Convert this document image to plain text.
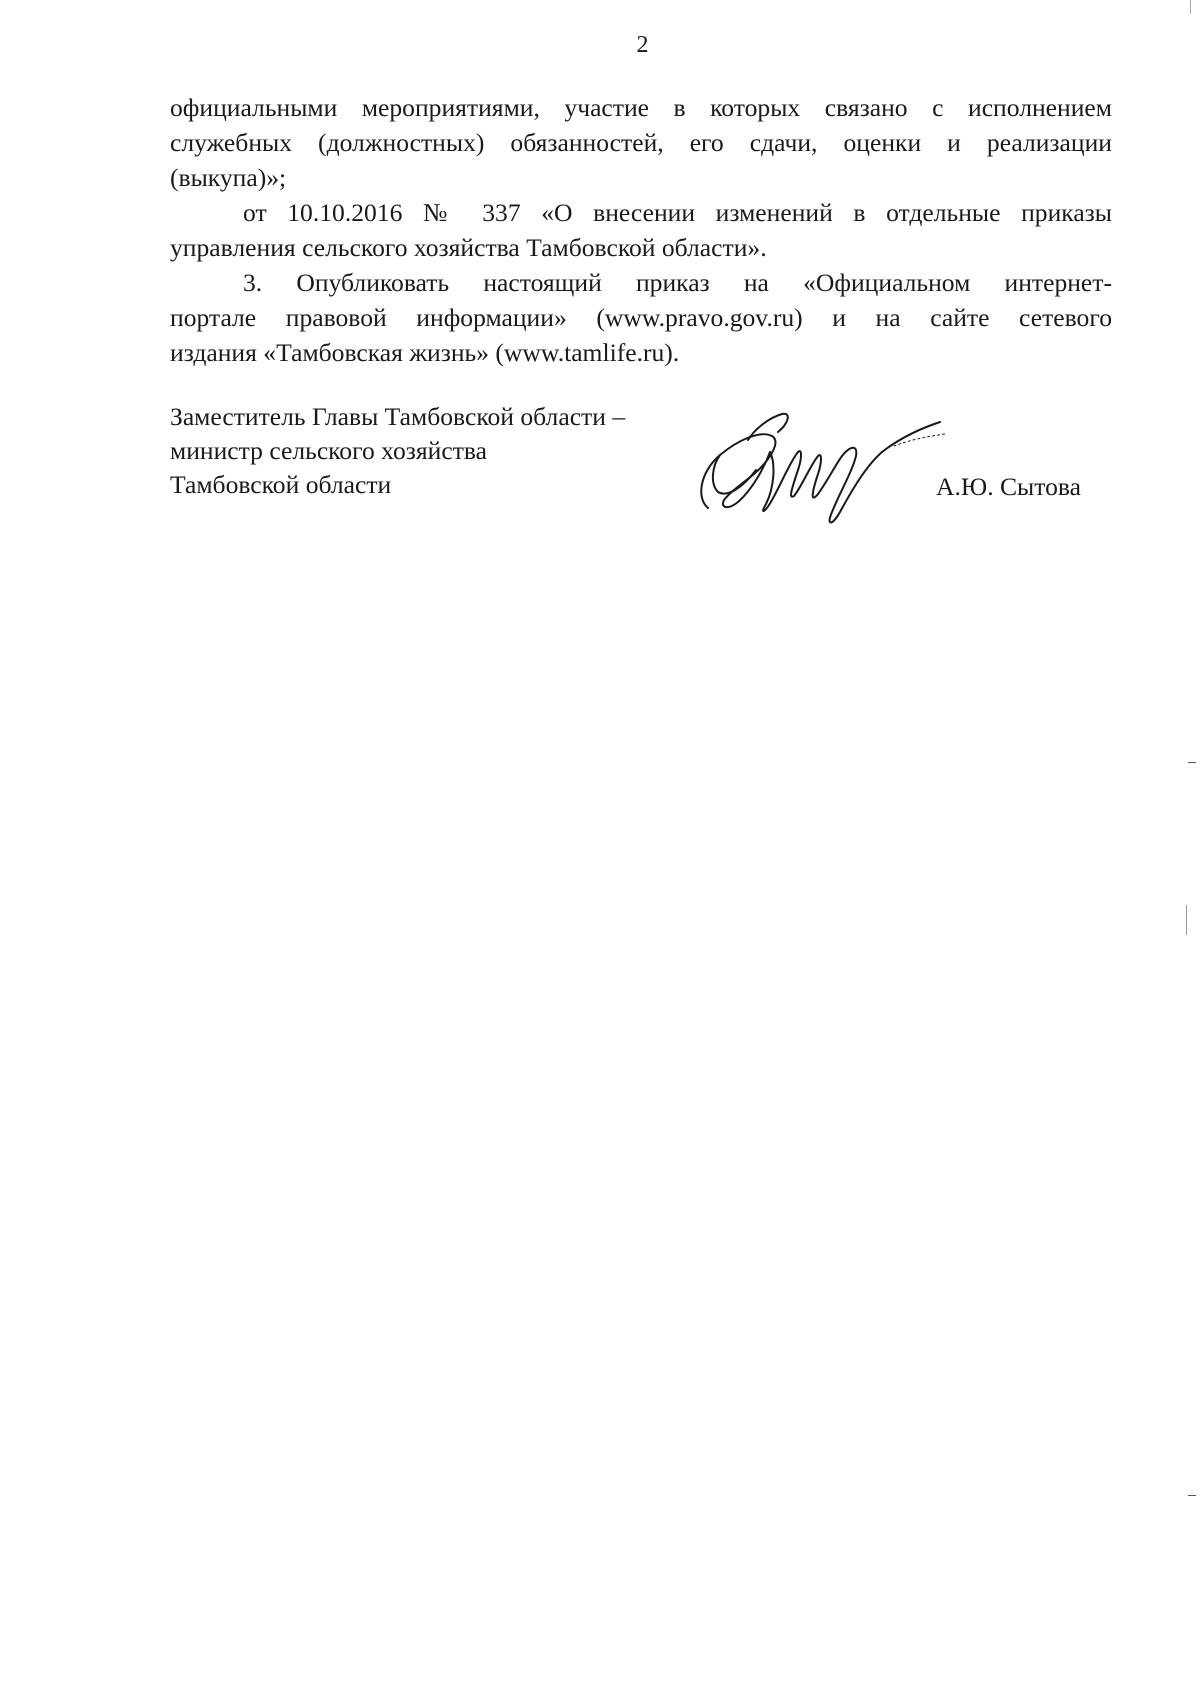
2

официальными мероприятиями, участие в которых связано с исполнением
служебных (должностных) обязанностей, его сдачи, оценки и реализации
(выкупа)»;

от 10.10.2016 № 337 «О внесении изменений в отдельные приказы
управления сельского хозяйства Тамбовской области».

3. Опубликовать настоящий приказ на «Официальном интернет-
портале правовой информации» (www.pravo.gov.ru) и на сайте сетевого
издания «Тамбовская жизнь» (www.tamlife.ru).

Заместитель Главы Тамбовской области –
министр сельского хозяйства
Тамбовской области	А.Ю. Сытова
